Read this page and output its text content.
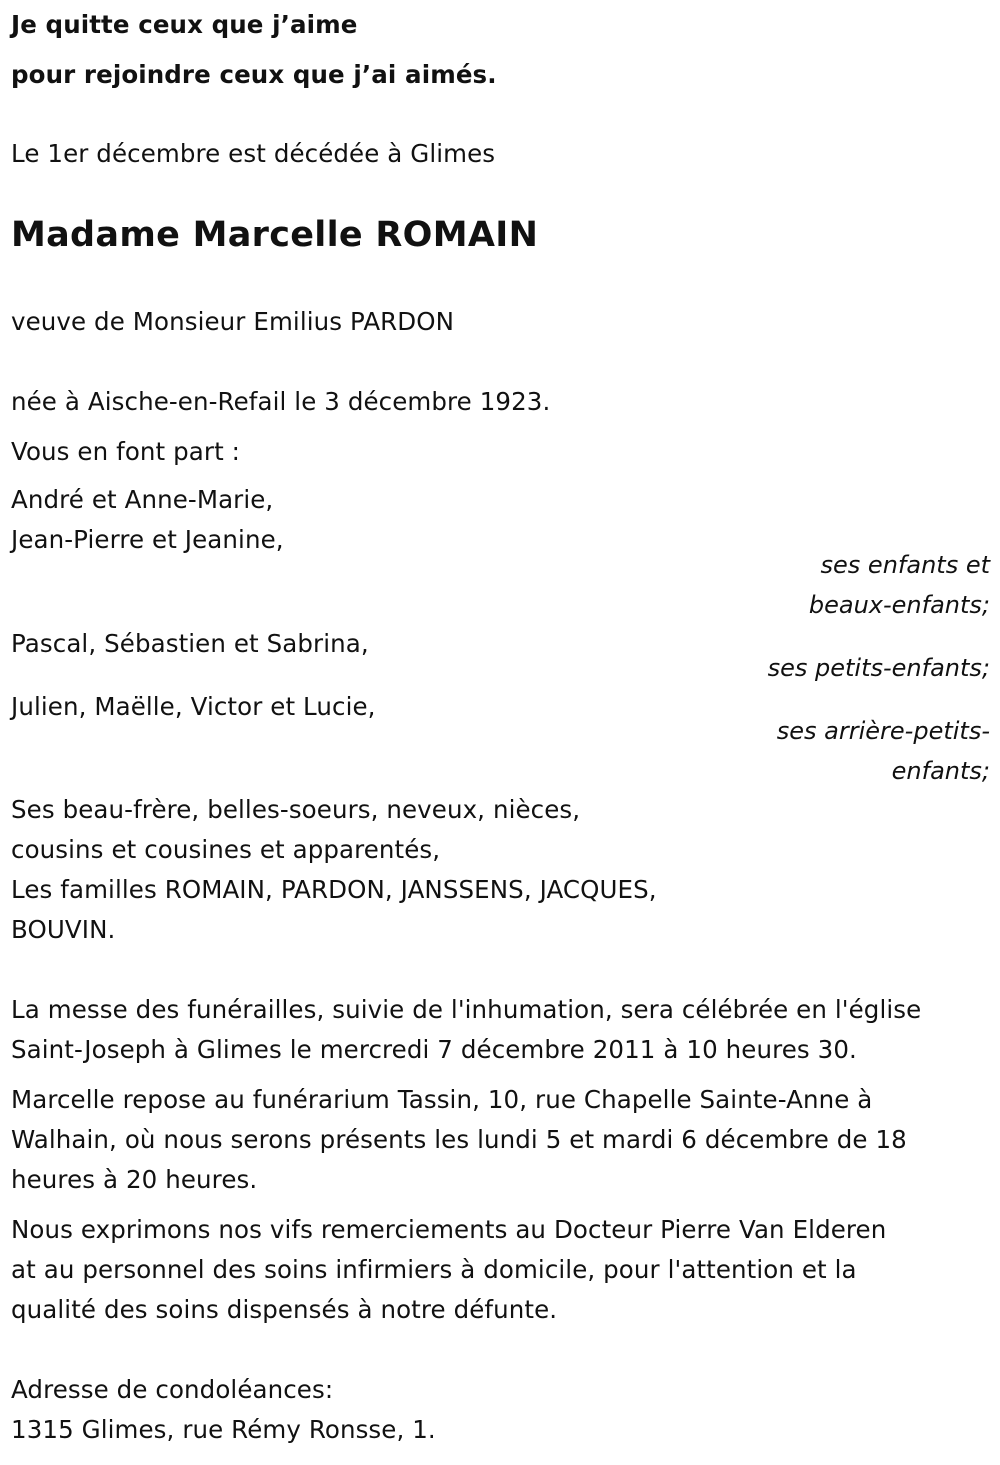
Je quitte ceux que j’aime
pour rejoindre ceux que j’ai aimés.
Le 1er décembre est décédée à Glimes
Madame Marcelle ROMAIN
veuve de Monsieur Emilius PARDON
née à Aische-en-Refail le 3 décembre 1923.
Vous en font part :
André et Anne-Marie,
Jean-Pierre et Jeanine,
ses enfants et
beaux-enfants;
Pascal, Sébastien et Sabrina,
ses petits-enfants;
Julien, Maëlle, Victor et Lucie,
ses arrière-petits-
enfants;
Ses beau-frère, belles-soeurs, neveux, nièces,
cousins et cousines et apparentés,
Les familles ROMAIN, PARDON, JANSSENS, JACQUES,
BOUVIN.
La messe des funérailles, suivie de l'inhumation, sera célébrée en l'église
Saint-Joseph à Glimes le mercredi 7 décembre 2011 à 10 heures 30.
Marcelle repose au funérarium Tassin, 10, rue Chapelle Sainte-Anne à
Walhain, où nous serons présents les lundi 5 et mardi 6 décembre de 18
heures à 20 heures.
Nous exprimons nos vifs remerciements au Docteur Pierre Van Elderen
at au personnel des soins infirmiers à domicile, pour l'attention et la
qualité des soins dispensés à notre défunte.
Adresse de condoléances:
1315 Glimes, rue Rémy Ronsse, 1.
